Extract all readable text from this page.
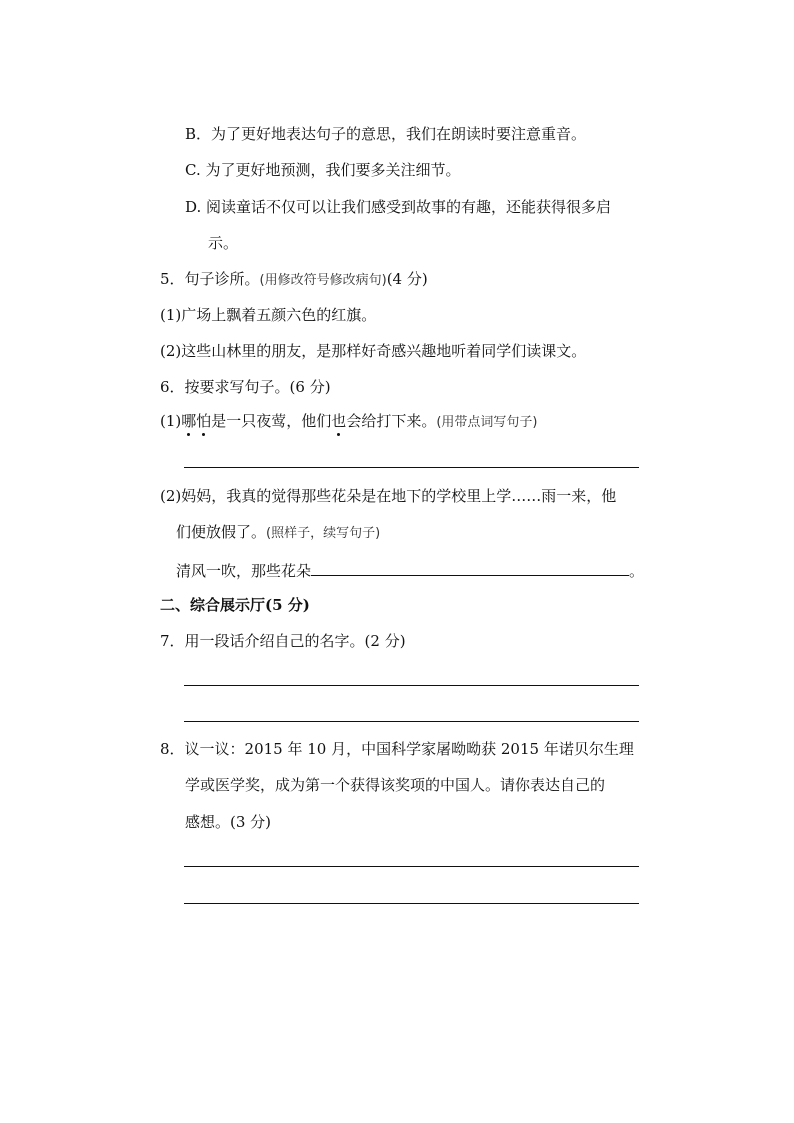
B．为了更好地表达句子的意思，我们在朗读时要注意重音。
C. 为了更好地预测，我们要多关注细节。
D. 阅读童话不仅可以让我们感受到故事的有趣，还能获得很多启
示。
5．句子诊所。(用修改符号修改病句)(4 分)
(1)广场上飘着五颜六色的红旗。
(2)这些山林里的朋友，是那样好奇感兴趣地听着同学们读课文。
6．按要求写句子。(6 分)
(1)哪怕是一只夜莺，他们也会给打下来。(用带点词写句子)
(2)妈妈，我真的觉得那些花朵是在地下的学校里上学……雨一来，他
们便放假了。(照样子，续写句子)
清风一吹，那些花朵	。
二、综合展示厅(5 分)
7．用一段话介绍自己的名字。(2 分)
8．议一议：2015 年 10 月，中国科学家屠呦呦获 2015 年诺贝尔生理
学或医学奖，成为第一个获得该奖项的中国人。请你表达自己的
感想。(3 分)
